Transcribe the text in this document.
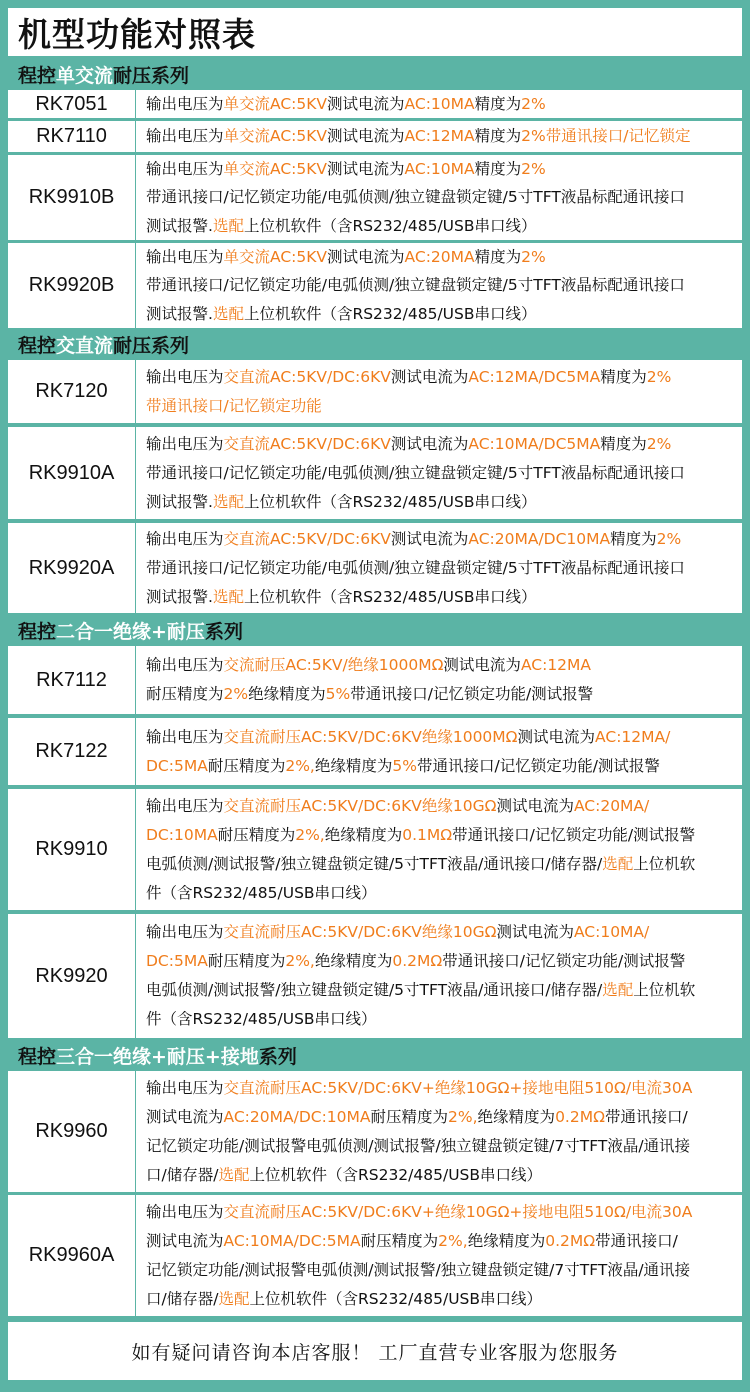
机型功能对照表
程控 单交流 耐压系列
RK7051	输出电压为单交流AC:5KV测试电流为AC:10MA精度为2%
RK7110	输出电压为单交流AC:5KV测试电流为AC:12MA精度为2%带通讯接口/记忆锁定
RK9910B
输出电压为单交流AC:5KV测试电流为AC:10MA精度为2%
带通讯接口/记忆锁定功能/电弧侦测/独立键盘锁定键/5寸TFT液晶标配通讯接口
测试报警.选配上位机软件（含RS232/485/USB串口线）
RK9920B
输出电压为单交流AC:5KV测试电流为AC:20MA精度为2%
带通讯接口/记忆锁定功能/电弧侦测/独立键盘锁定键/5寸TFT液晶标配通讯接口
测试报警.选配上位机软件（含RS232/485/USB串口线）
程控 交直流 耐压系列
RK7120
输出电压为交直流AC:5KV/DC:6KV测试电流为AC:12MA/DC5MA精度为2%
带通讯接口/记忆锁定功能
RK9910A
输出电压为交直流AC:5KV/DC:6KV测试电流为AC:10MA/DC5MA精度为2%
带通讯接口/记忆锁定功能/电弧侦测/独立键盘锁定键/5寸TFT液晶标配通讯接口
测试报警.选配上位机软件（含RS232/485/USB串口线）
RK9920A
输出电压为交直流AC:5KV/DC:6KV测试电流为AC:20MA/DC10MA精度为2%
带通讯接口/记忆锁定功能/电弧侦测/独立键盘锁定键/5寸TFT液晶标配通讯接口
测试报警.选配上位机软件（含RS232/485/USB串口线）
程控 二合一绝缘+耐压 系列
RK7112
输出电压为交流耐压AC:5KV/绝缘1000MΩ测试电流为AC:12MA
耐压精度为2%绝缘精度为5%带通讯接口/记忆锁定功能/测试报警
RK7122
输出电压为交直流耐压AC:5KV/DC:6KV绝缘1000MΩ测试电流为AC:12MA/
DC:5MA耐压精度为2%,绝缘精度为5%带通讯接口/记忆锁定功能/测试报警
RK9910
输出电压为交直流耐压AC:5KV/DC:6KV绝缘10GΩ测试电流为AC:20MA/
DC:10MA耐压精度为2%,绝缘精度为0.1MΩ带通讯接口/记忆锁定功能/测试报警
电弧侦测/测试报警/独立键盘锁定键/5寸TFT液晶/通讯接口/储存器/选配上位机软
件（含RS232/485/USB串口线）
RK9920
输出电压为交直流耐压AC:5KV/DC:6KV绝缘10GΩ测试电流为AC:10MA/
DC:5MA耐压精度为2%,绝缘精度为0.2MΩ带通讯接口/记忆锁定功能/测试报警
电弧侦测/测试报警/独立键盘锁定键/5寸TFT液晶/通讯接口/储存器/选配上位机软
件（含RS232/485/USB串口线）
程控 三合一绝缘+耐压+接地 系列
RK9960
输出电压为交直流耐压AC:5KV/DC:6KV+绝缘10GΩ+接地电阻510Ω/电流30A
测试电流为AC:20MA/DC:10MA耐压精度为2%,绝缘精度为0.2MΩ带通讯接口/
记忆锁定功能/测试报警电弧侦测/测试报警/独立键盘锁定键/7寸TFT液晶/通讯接
口/储存器/选配上位机软件（含RS232/485/USB串口线）
RK9960A
输出电压为交直流耐压AC:5KV/DC:6KV+绝缘10GΩ+接地电阻510Ω/电流30A
测试电流为AC:10MA/DC:5MA耐压精度为2%,绝缘精度为0.2MΩ带通讯接口/
记忆锁定功能/测试报警电弧侦测/测试报警/独立键盘锁定键/7寸TFT液晶/通讯接
口/储存器/选配上位机软件（含RS232/485/USB串口线）
如有疑问请咨询本店客服！ 工厂直营专业客服为您服务
